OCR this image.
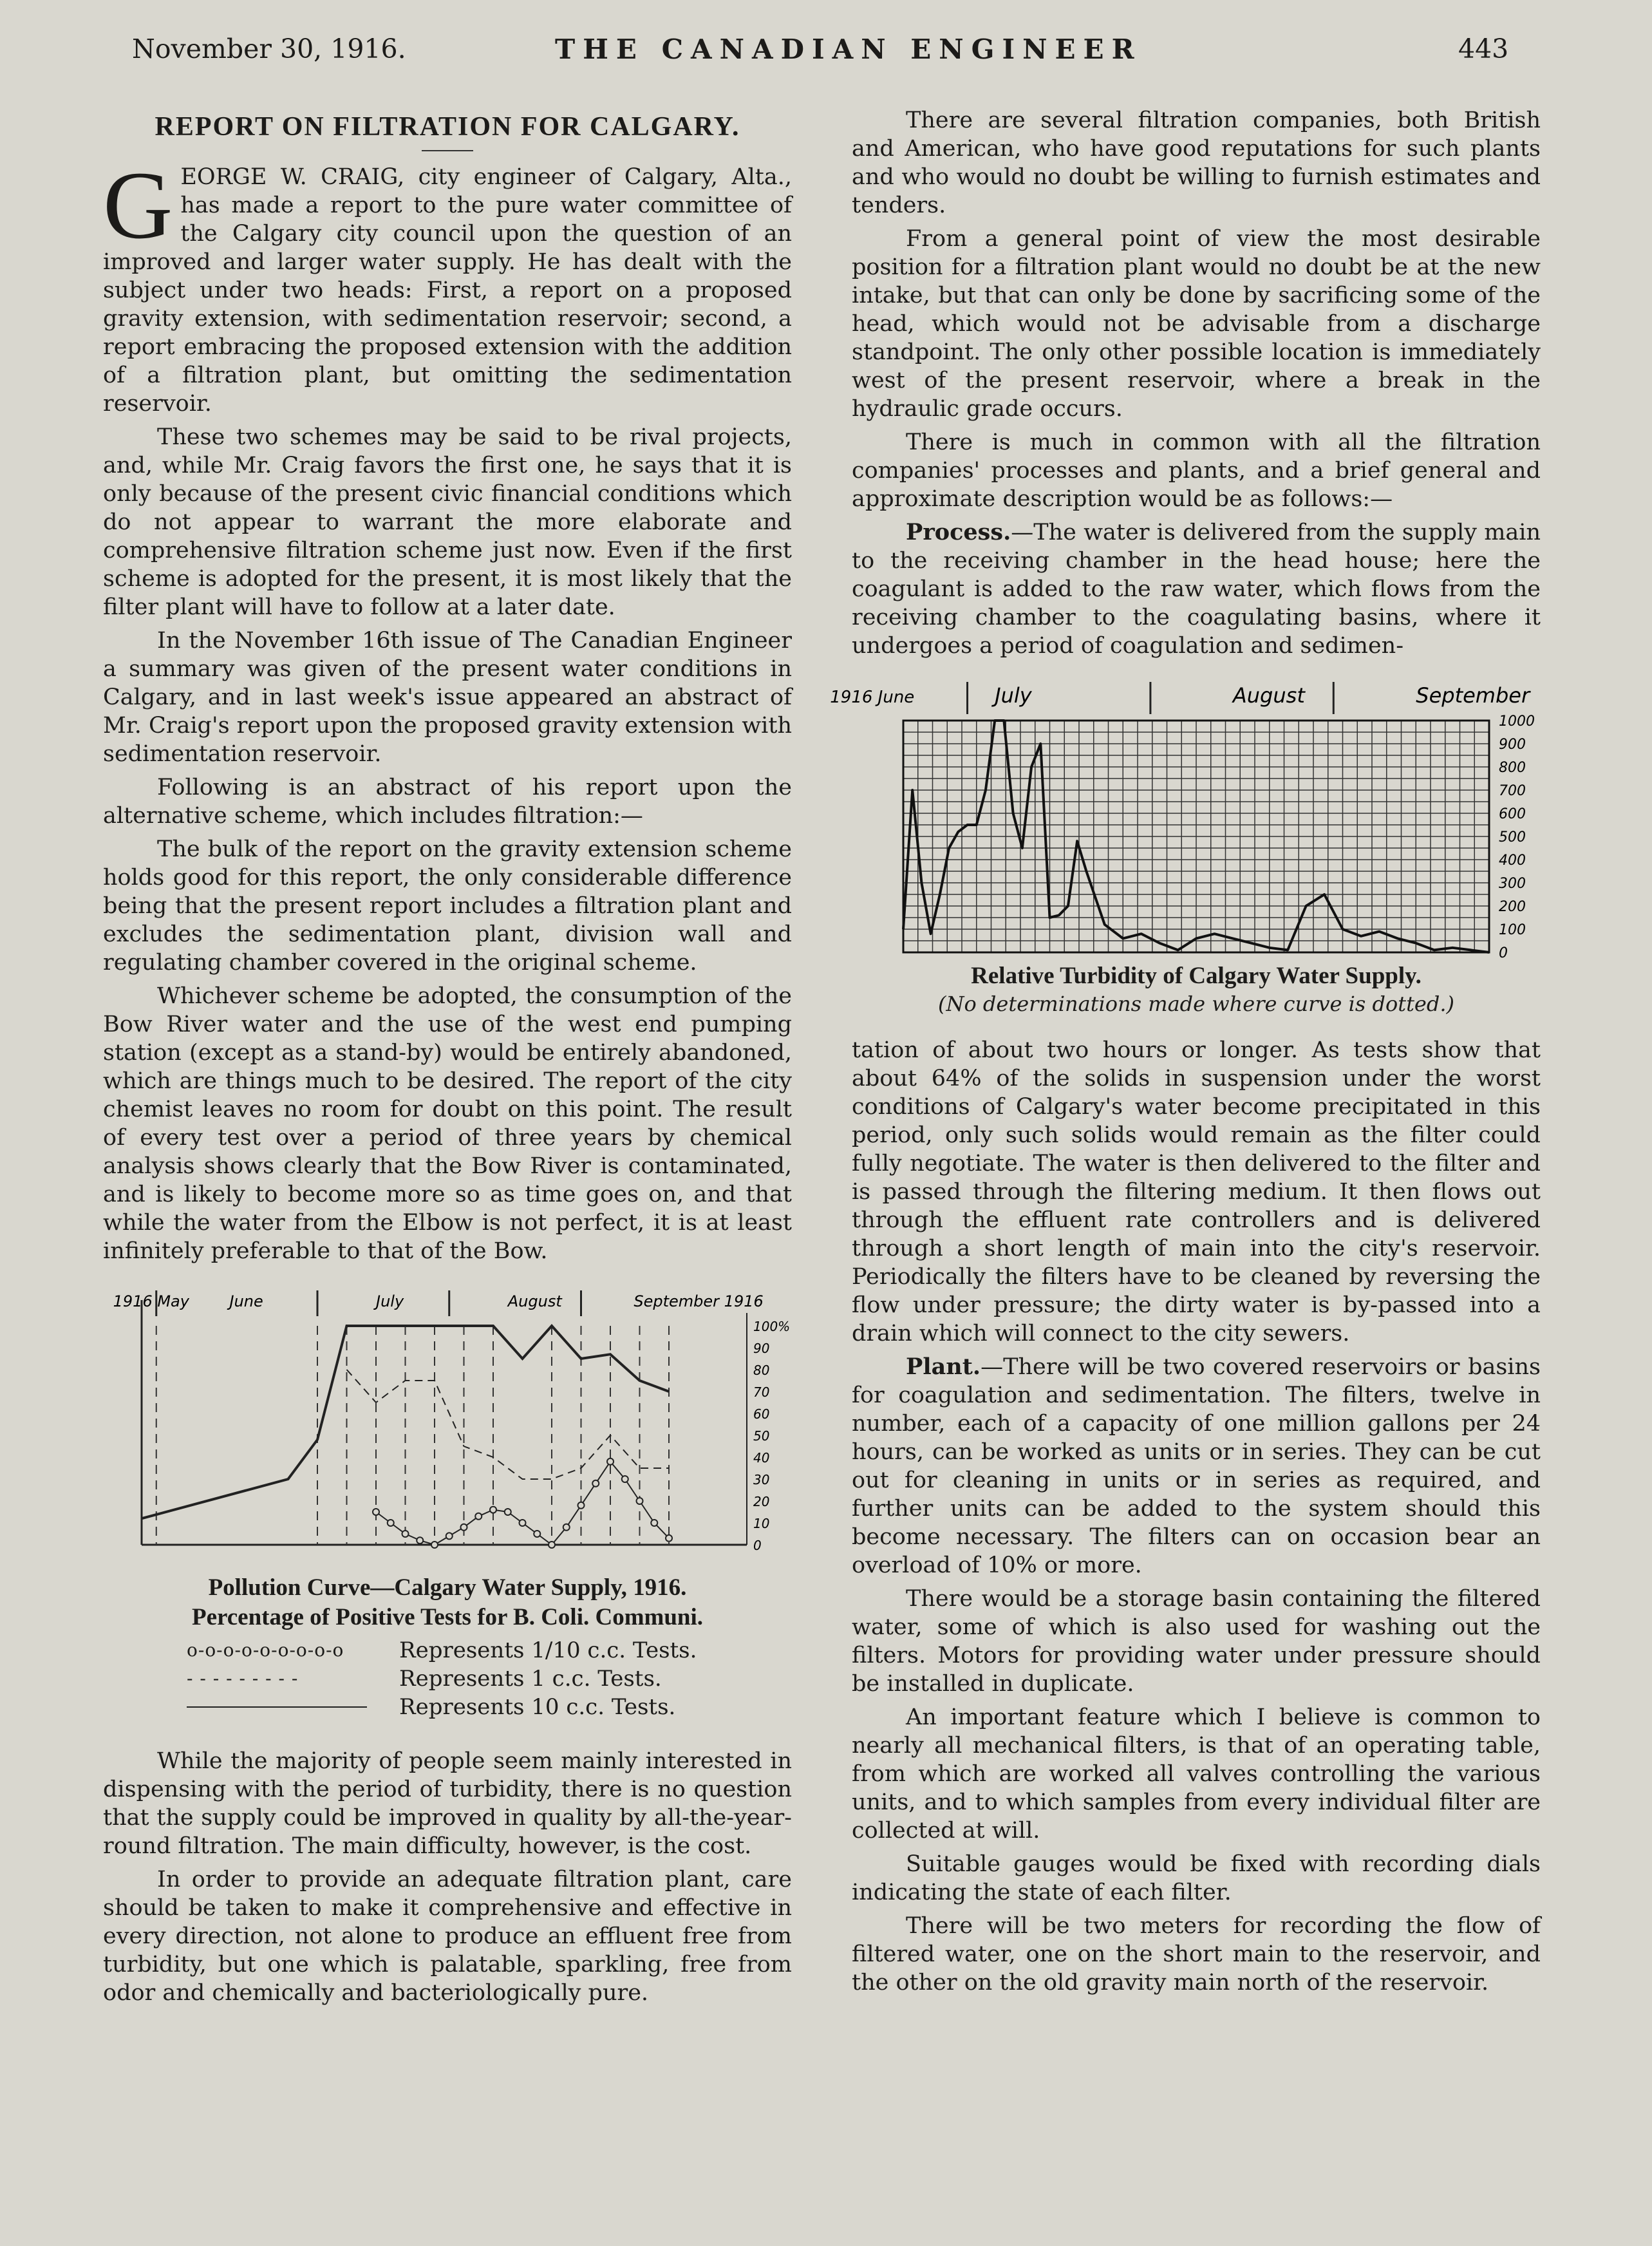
November 30, 1916.	THE CANADIAN ENGINEER	443
REPORT ON FILTRATION FOR CALGARY.

GEORGE W. CRAIG, city engineer of Calgary, Alta., has made a report to the pure water committee of the Calgary city council upon the question of an improved and larger water supply. He has dealt with the subject under two heads: First, a report on a proposed gravity extension, with sedimentation reservoir; second, a report embracing the proposed extension with the addition of a filtration plant, but omitting the sedimentation reservoir.

These two schemes may be said to be rival projects, and, while Mr. Craig favors the first one, he says that it is only because of the present civic financial conditions which do not appear to warrant the more elaborate and comprehensive filtration scheme just now. Even if the first scheme is adopted for the present, it is most likely that the filter plant will have to follow at a later date.

In the November 16th issue of The Canadian Engineer a summary was given of the present water conditions in Calgary, and in last week's issue appeared an abstract of Mr. Craig's report upon the proposed gravity extension with sedimentation reservoir.

Following is an abstract of his report upon the alternative scheme, which includes filtration:—

The bulk of the report on the gravity extension scheme holds good for this report, the only considerable difference being that the present report includes a filtration plant and excludes the sedimentation plant, division wall and regulating chamber covered in the original scheme.

Whichever scheme be adopted, the consumption of the Bow River water and the use of the west end pumping station (except as a stand-by) would be entirely abandoned, which are things much to be desired. The report of the city chemist leaves no room for doubt on this point. The result of every test over a period of three years by chemical analysis shows clearly that the Bow River is contaminated, and is likely to become more so as time goes on, and that while the water from the Elbow is not perfect, it is at least infinitely preferable to that of the Bow.

1916 May	June	July	August	September 1916
100%
90
80
70
60
50
40
30
20
10
0
Pollution Curve—Calgary Water Supply, 1916.
Percentage of Positive Tests for B. Coli. Communi.
o-o-o-o-o-o-o-o-o	Represents 1/10 c.c. Tests.
- - - - - - - - -	Represents 1 c.c. Tests.
Represents 10 c.c. Tests.

While the majority of people seem mainly interested in dispensing with the period of turbidity, there is no question that the supply could be improved in quality by all-the-year-round filtration. The main difficulty, however, is the cost.

In order to provide an adequate filtration plant, care should be taken to make it comprehensive and effective in every direction, not alone to produce an effluent free from turbidity, but one which is palatable, sparkling, free from odor and chemically and bacteriologically pure.

There are several filtration companies, both British and American, who have good reputations for such plants and who would no doubt be willing to furnish estimates and tenders.

From a general point of view the most desirable position for a filtration plant would no doubt be at the new intake, but that can only be done by sacrificing some of the head, which would not be advisable from a discharge standpoint. The only other possible location is immediately west of the present reservoir, where a break in the hydraulic grade occurs.

There is much in common with all the filtration companies' processes and plants, and a brief general and approximate description would be as follows:—

Process.—The water is delivered from the supply main to the receiving chamber in the head house; here the coagulant is added to the raw water, which flows from the receiving chamber to the coagulating basins, where it undergoes a period of coagulation and sedimen-

1916 June	July	August	September
1000
900
800
700
600
500
400
300
200
100
0
Relative Turbidity of Calgary Water Supply.
(No determinations made where curve is dotted.)

tation of about two hours or longer. As tests show that about 64% of the solids in suspension under the worst conditions of Calgary's water become precipitated in this period, only such solids would remain as the filter could fully negotiate. The water is then delivered to the filter and is passed through the filtering medium. It then flows out through the effluent rate controllers and is delivered through a short length of main into the city's reservoir. Periodically the filters have to be cleaned by reversing the flow under pressure; the dirty water is by-passed into a drain which will connect to the city sewers.

Plant.—There will be two covered reservoirs or basins for coagulation and sedimentation. The filters, twelve in number, each of a capacity of one million gallons per 24 hours, can be worked as units or in series. They can be cut out for cleaning in units or in series as required, and further units can be added to the system should this become necessary. The filters can on occasion bear an overload of 10% or more.

There would be a storage basin containing the filtered water, some of which is also used for washing out the filters. Motors for providing water under pressure should be installed in duplicate.

An important feature which I believe is common to nearly all mechanical filters, is that of an operating table, from which are worked all valves controlling the various units, and to which samples from every individual filter are collected at will.

Suitable gauges would be fixed with recording dials indicating the state of each filter.

There will be two meters for recording the flow of filtered water, one on the short main to the reservoir, and the other on the old gravity main north of the reservoir.
